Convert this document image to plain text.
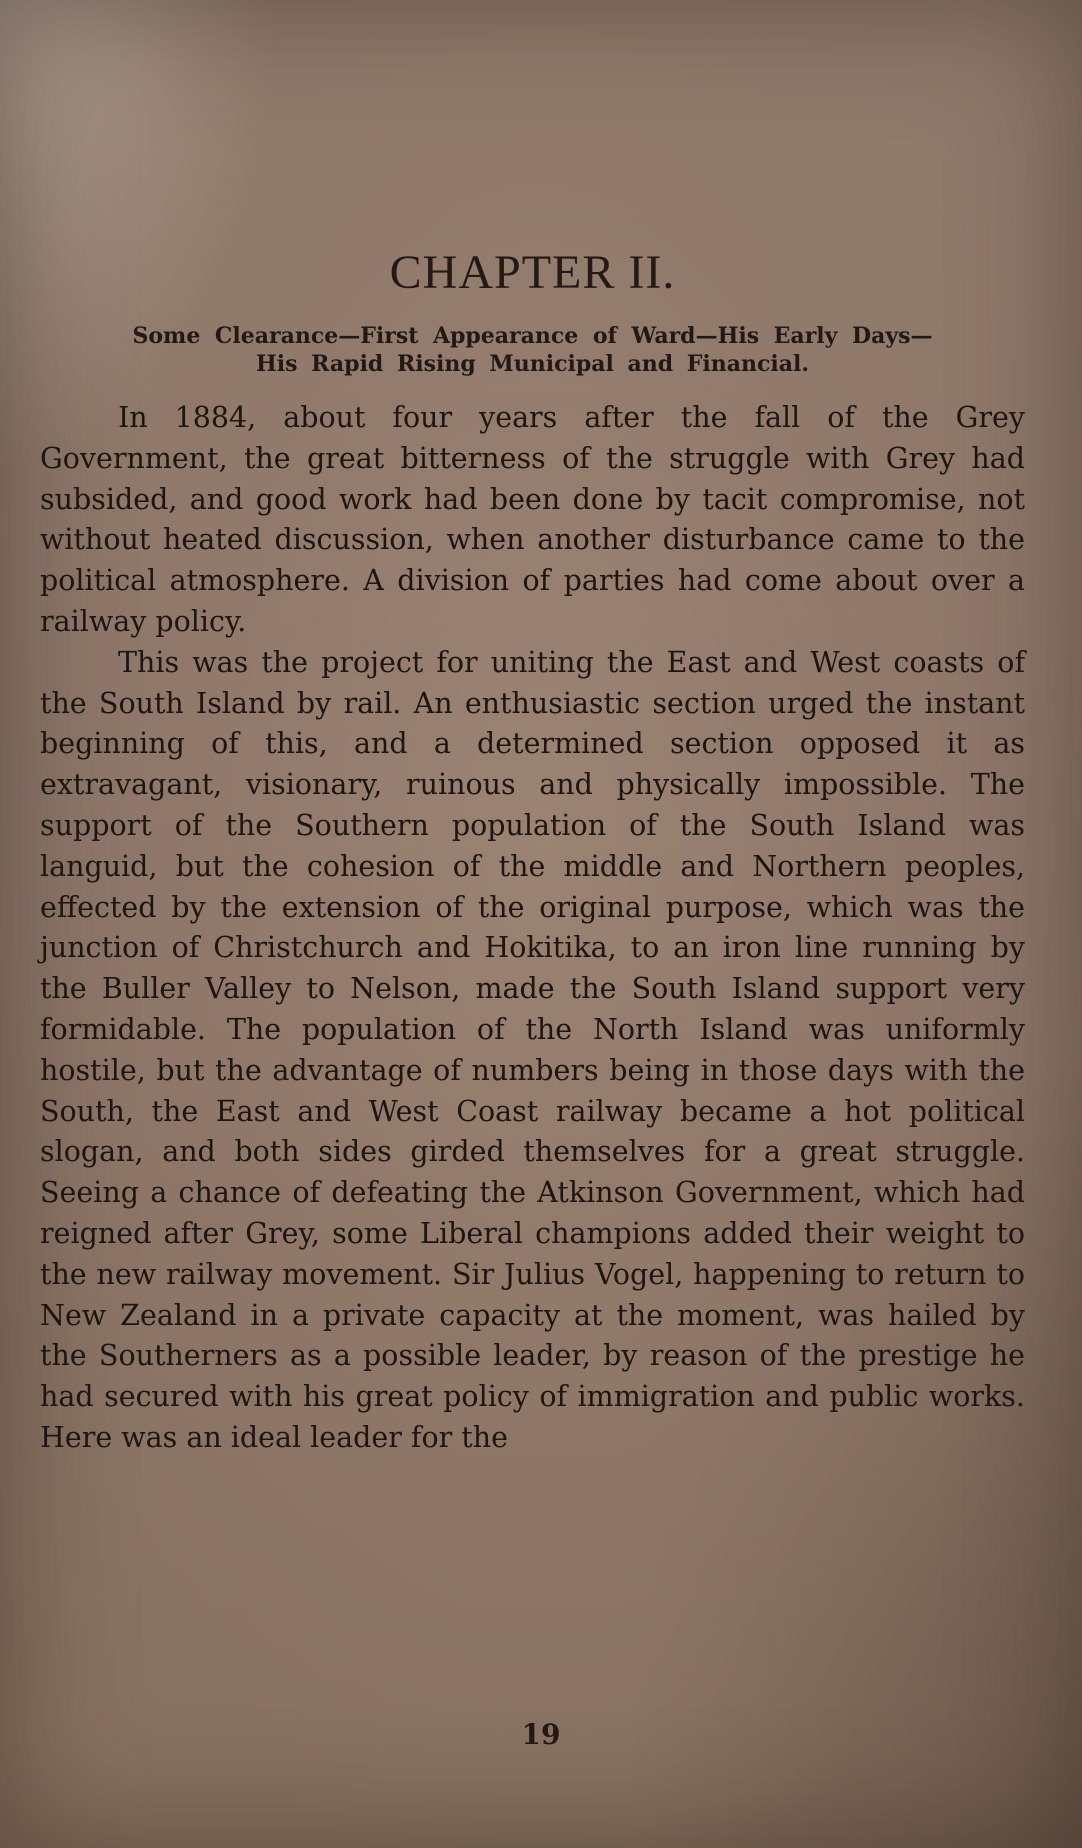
CHAPTER II.

Some Clearance—First Appearance of Ward—His Early Days—His Rapid Rising Municipal and Financial.

In 1884, about four years after the fall of the Grey Government, the great bitterness of the struggle with Grey had subsided, and good work had been done by tacit compromise, not without heated discussion, when another disturbance came to the political atmosphere. A division of parties had come about over a railway policy.

This was the project for uniting the East and West coasts of the South Island by rail. An enthusiastic section urged the instant beginning of this, and a determined section opposed it as extravagant, visionary, ruinous and physically impossible. The support of the Southern population of the South Island was languid, but the cohesion of the middle and Northern peoples, effected by the extension of the original purpose, which was the junction of Christchurch and Hokitika, to an iron line running by the Buller Valley to Nelson, made the South Island support very formidable. The population of the North Island was uniformly hostile, but the advantage of numbers being in those days with the South, the East and West Coast railway became a hot political slogan, and both sides girded themselves for a great struggle. Seeing a chance of defeating the Atkinson Government, which had reigned after Grey, some Liberal champions added their weight to the new railway movement. Sir Julius Vogel, happening to return to New Zealand in a private capacity at the moment, was hailed by the Southerners as a possible leader, by reason of the prestige he had secured with his great policy of immigration and public works. Here was an ideal leader for the

19
